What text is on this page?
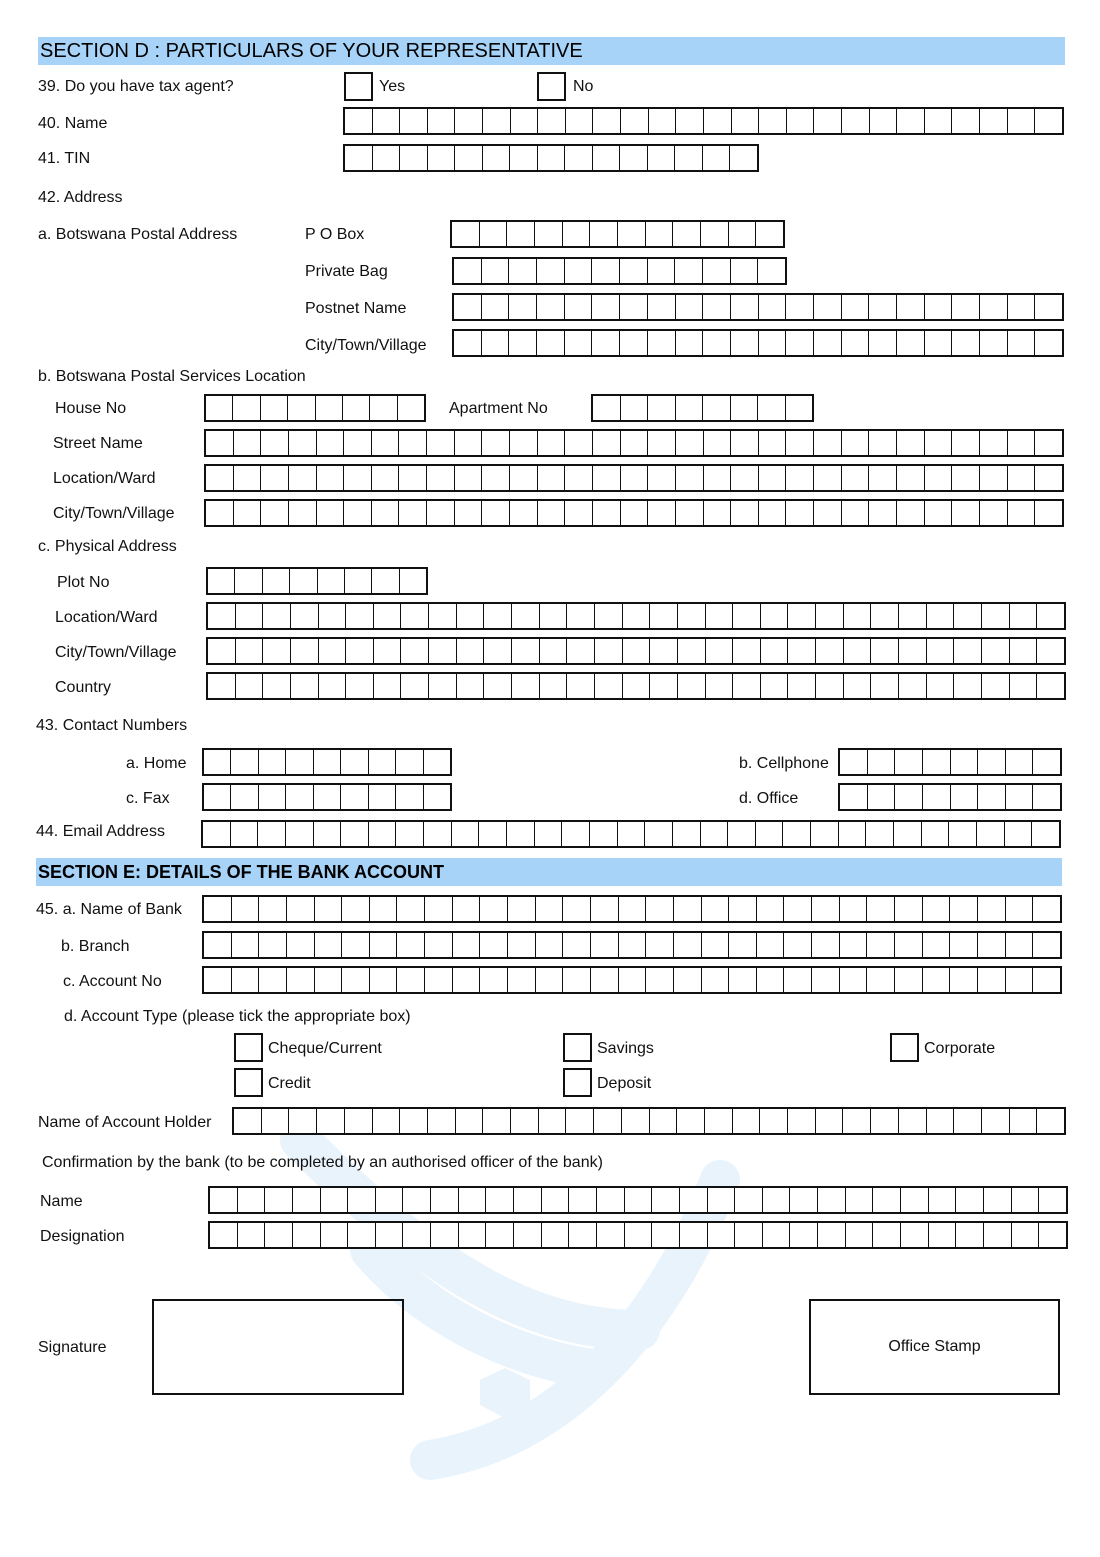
SECTION D : PARTICULARS OF YOUR REPRESENTATIVE
39. Do you have tax agent?	Yes	No
40. Name
41. TIN
42. Address
a. Botswana Postal Address	P O Box
Private Bag
Postnet Name
City/Town/Village
b. Botswana Postal Services Location
House No	Apartment No
Street Name
Location/Ward
City/Town/Village
c. Physical Address
Plot No
Location/Ward
City/Town/Village
Country
43. Contact Numbers
a. Home	b. Cellphone
c. Fax	d. Office
44. Email Address
SECTION E: DETAILS OF THE BANK ACCOUNT
45. a. Name of Bank
b. Branch
c. Account No
d. Account Type (please tick the appropriate box)
Cheque/Current	Savings	Corporate
Credit	Deposit
Name of Account Holder
Confirmation by the bank (to be completed by an authorised officer of the bank)
Name
Designation
Signature	Office Stamp
